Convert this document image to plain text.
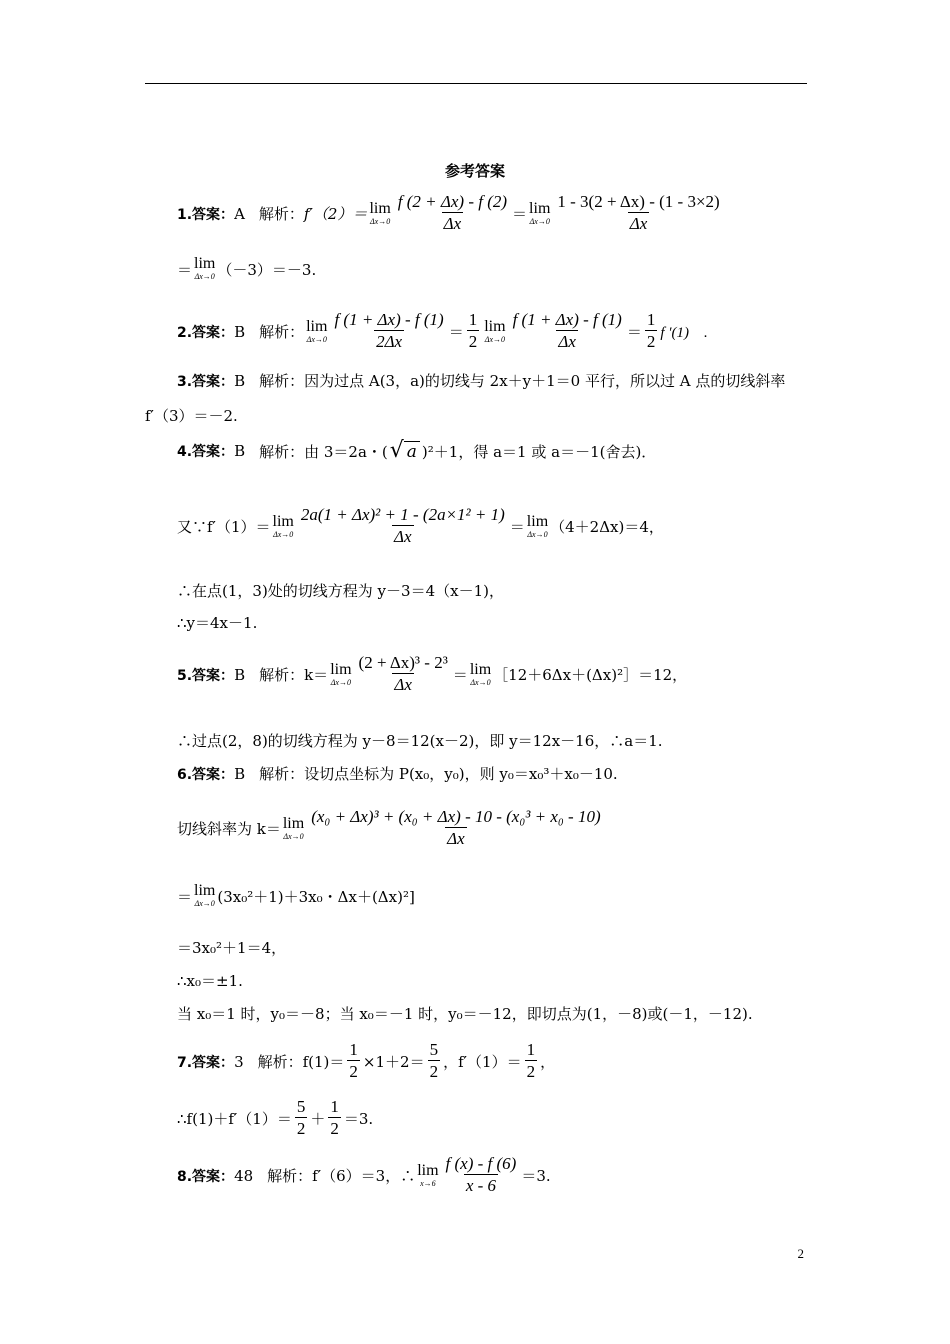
参考答案
1.答案： A 解析： f′（2）＝ lim
$\Delta x\to 0 \frac{f (2 + \Delta x) - f (2)}{\Delta x} = \lim$
$\Delta x\to 0 \frac{1 - 3(2 + \Delta x) - (1 - 3\times 2)}{\Delta x}$
＝ lim
Δx→0 （－3）＝－3.
2.答案： B 解析： lim
$\Delta x\to 0 \frac{f (1 + \Delta x) - f (1)}{2\Delta x} = \frac{1}{2}$ lim
$\Delta x\to 0 \frac{f (1 + \Delta x) - f (1)}{\Delta x} = \frac{1}{2}$ f ′(1)　.
3.答案：B 解析：因为过点 A(3，a)的切线与 2x＋y＋1＝0 平行，所以过 A 点的切线斜率
f′（3）＝－2.
4.答案： B 解析：由 3＝2a・( √ a )²＋1，得 a＝1 或 a＝－1(舍去)．
又∵f′（1）＝ lim
$\Delta x\to 0 \frac{\text{2a(1 + Δx)² + 1 - (2a×1² + 1)}}{\Delta x} = \lim$
Δx→0 （4＋2Δx)＝4，
∴在点(1，3)处的切线方程为 y－3＝4（x－1)，
∴y＝4x－1.
5.答案： B 解析：k＝ lim
$\Delta x\to 0 \frac{\text{(2 + Δx)³ - 2³}}{\Delta x} = \lim$
Δx→0 ［12＋6Δx＋(Δx)²］＝12，
∴过点(2，8)的切线方程为 y－8＝12(x－2)，即 y＝12x－16，∴a＝1.
6.答案：B 解析：设切点坐标为 P(x₀，y₀)，则 y₀＝x₀³＋x₀－10.
切线斜率为 k＝ lim
$\Delta x\to 0 \frac{\text{(x₀ + Δx)³ + (x₀ + Δx) - 10 - (x₀³ + x₀ - 10)}}{\Delta x}$
＝ lim
Δx→0 (3x₀²＋1)＋3x₀・Δx＋(Δx)²]
＝3x₀²＋1＝4，
∴x₀＝±1.
当 x₀＝1 时，y₀＝－8；当 x₀＝－1 时，y₀＝－12，即切点为(1，－8)或(－1，－12).
7.答案： 3 解析：$f(1)= \frac{1}{2} \times 1+2= \frac{5}{2}$ ，$f'(1)= \frac{1}{2}$ ，
∴f(1)＋f′（1）＝ $\frac{5}{2} + \frac{1}{2} =3$.
8.答案： 48 解析：f′（6）＝3，∴ lim
$x\to 6 \frac{f (x) - f (6)}{x - 6} =3$.
2
